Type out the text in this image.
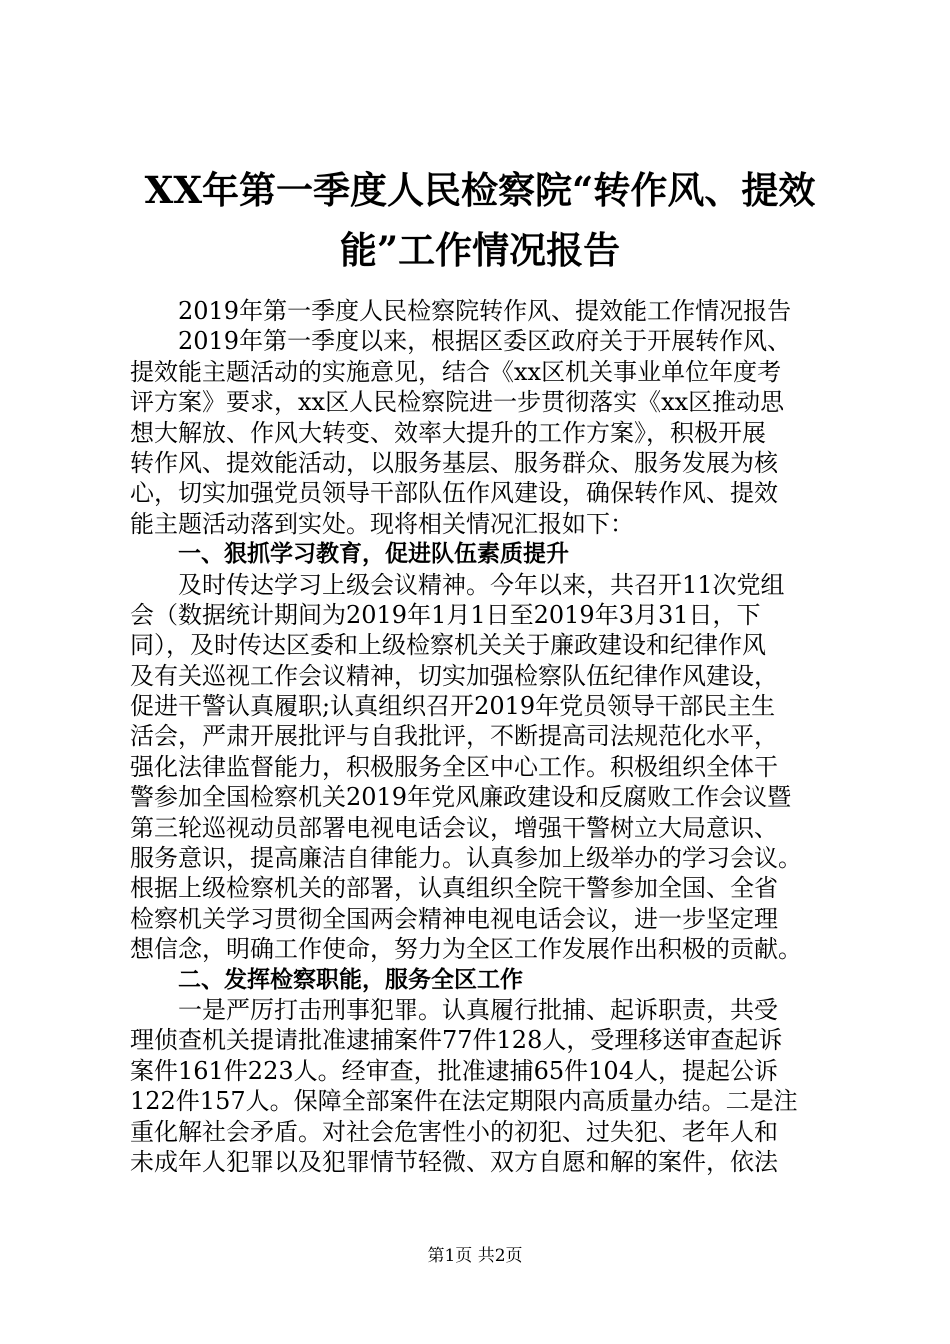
XX年第一季度人民检察院“转作风、提效
能”工作情况报告
2019年第一季度人民检察院转作风、提效能工作情况报告
2019年第一季度以来，根据区委区政府关于开展转作风、
提效能主题活动的实施意见，结合《xx区机关事业单位年度考
评方案》要求，xx区人民检察院进一步贯彻落实《xx区推动思
想大解放、作风大转变、效率大提升的工作方案》，积极开展
转作风、提效能活动，以服务基层、服务群众、服务发展为核
心，切实加强党员领导干部队伍作风建设，确保转作风、提效
能主题活动落到实处。现将相关情况汇报如下：
一、狠抓学习教育，促进队伍素质提升
及时传达学习上级会议精神。今年以来，共召开11次党组
会（数据统计期间为2019年1月1日至2019年3月31日，下
同），及时传达区委和上级检察机关关于廉政建设和纪律作风
及有关巡视工作会议精神，切实加强检察队伍纪律作风建设，
促进干警认真履职;认真组织召开2019年党员领导干部民主生
活会，严肃开展批评与自我批评，不断提高司法规范化水平，
强化法律监督能力，积极服务全区中心工作。积极组织全体干
警参加全国检察机关2019年党风廉政建设和反腐败工作会议暨
第三轮巡视动员部署电视电话会议，增强干警树立大局意识、
服务意识，提高廉洁自律能力。认真参加上级举办的学习会议。
根据上级检察机关的部署，认真组织全院干警参加全国、全省
检察机关学习贯彻全国两会精神电视电话会议，进一步坚定理
想信念，明确工作使命，努力为全区工作发展作出积极的贡献。
二、发挥检察职能，服务全区工作
一是严厉打击刑事犯罪。认真履行批捕、起诉职责，共受
理侦查机关提请批准逮捕案件77件128人，受理移送审查起诉
案件161件223人。经审查，批准逮捕65件104人，提起公诉
122件157人。保障全部案件在法定期限内高质量办结。二是注
重化解社会矛盾。对社会危害性小的初犯、过失犯、老年人和
未成年人犯罪以及犯罪情节轻微、双方自愿和解的案件，依法
第1页 共2页
